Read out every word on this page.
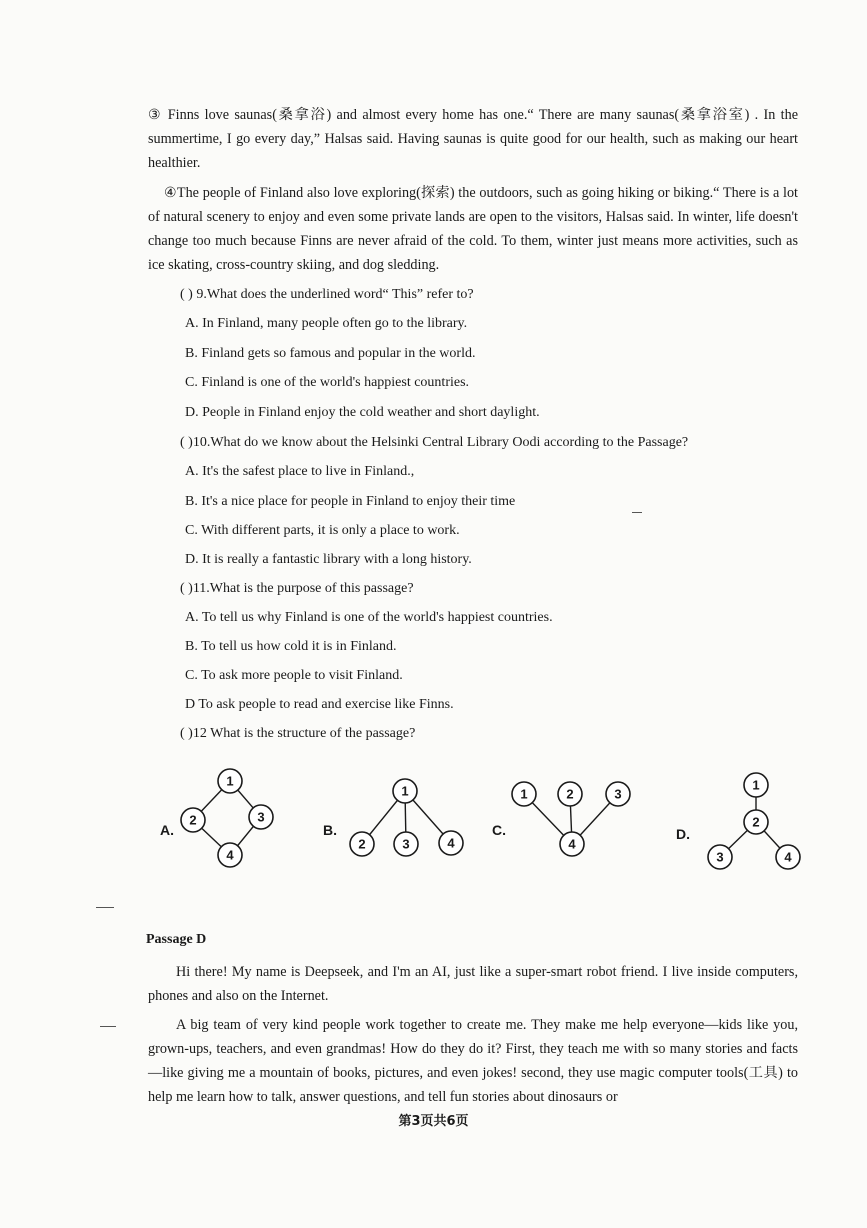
③ Finns love saunas(桑拿浴) and almost every home has one.“ There are many saunas(桑拿浴室) . In the summertime, I go every day,” Halsas said. Having saunas is quite good for our health, such as making our heart healthier.

④The people of Finland also love exploring(探索) the outdoors, such as going hiking or biking.“ There is a lot of natural scenery to enjoy and even some private lands are open to the visitors, Halsas said. In winter, life doesn't change too much because Finns are never afraid of the cold. To them, winter just means more activities, such as ice skating, cross-country skiing, and dog sledding.

( ) 9.What does the underlined word“ This” refer to?

A. In Finland, many people often go to the library.

B. Finland gets so famous and popular in the world.

C. Finland is one of the world's happiest countries.

D. People in Finland enjoy the cold weather and short daylight.

( )10.What do we know about the Helsinki Central Library Oodi according to the Passage?

A. It's the safest place to live in Finland.,

B. It's a nice place for people in Finland to enjoy their time

C. With different parts, it is only a place to work.

D. It is really a fantastic library with a long history.

( )11.What is the purpose of this passage?

A. To tell us why Finland is one of the world's happiest countries.

B. To tell us how cold it is in Finland.

C. To ask more people to visit Finland.

D To ask people to read and exercise like Finns.

( )12 What is the structure of the passage?

A.
1
2	3
4
B.
1
2	3	4
C.
1	2	3
4
D.
1
2
3	4

Passage D

Hi there! My name is Deepseek, and I'm an AI, just like a super-smart robot friend. I live inside computers, phones and also on the Internet.

A big team of very kind people work together to create me. They make me help everyone—kids like you, grown-ups, teachers, and even grandmas! How do they do it? First, they teach me with so many stories and facts—like giving me a mountain of books, pictures, and even jokes! second, they use magic computer tools(工具) to help me learn how to talk, answer questions, and tell fun stories about dinosaurs or

第3页共6页
